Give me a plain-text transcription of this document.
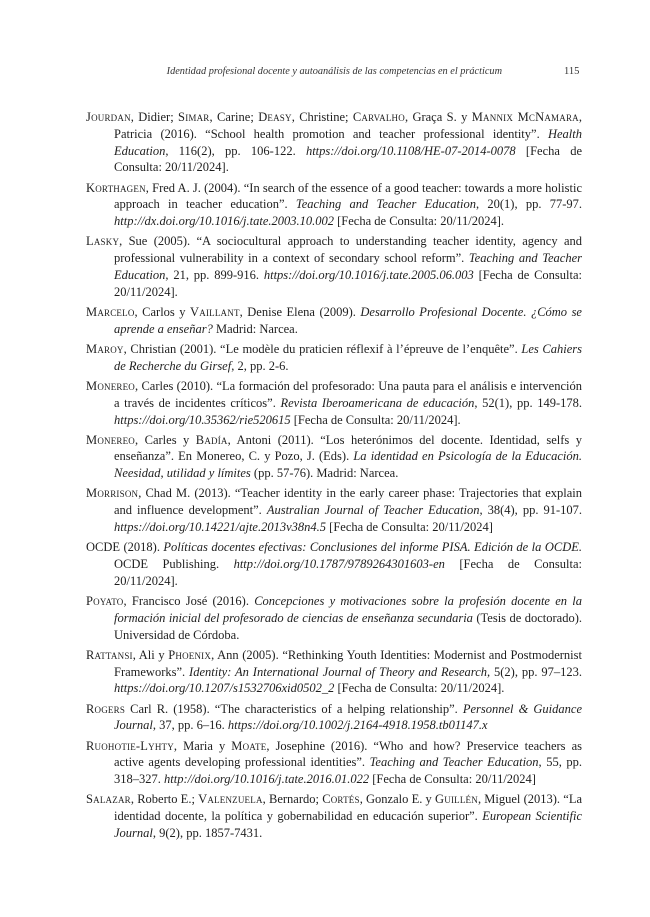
Identidad profesional docente y autoanálisis de las competencias en el prácticum	115

Jourdan, Didier; Simar, Carine; Deasy, Christine; Carvalho, Graça S. y Mannix McNamara, Patricia (2016). “School health promotion and teacher professional identity”. Health Education, 116(2), pp. 106-122. https://doi.org/10.1108/HE-07-2014-0078 [Fecha de Consulta: 20/11/2024].

Korthagen, Fred A. J. (2004). “In search of the essence of a good teacher: towards a more holistic approach in teacher education”. Teaching and Teacher Education, 20(1), pp. 77-97. http://dx.doi.org/10.1016/j.tate.2003.10.002 [Fecha de Consulta: 20/11/2024].

Lasky, Sue (2005). “A sociocultural approach to understanding teacher identity, agency and professional vulnerability in a context of secondary school reform”. Teaching and Teacher Education, 21, pp. 899-916. https://doi.org/10.1016/j.tate.2005.06.003 [Fecha de Consulta: 20/11/2024].

Marcelo, Carlos y Vaillant, Denise Elena (2009). Desarrollo Profesional Docente. ¿Cómo se aprende a enseñar? Madrid: Narcea.

Maroy, Christian (2001). “Le modèle du praticien réflexif à l’épreuve de l’enquête”. Les Cahiers de Recherche du Girsef, 2, pp. 2-6.

Monereo, Carles (2010). “La formación del profesorado: Una pauta para el análisis e intervención a través de incidentes críticos”. Revista Iberoamericana de educación, 52(1), pp. 149-178. https://doi.org/10.35362/rie520615 [Fecha de Consulta: 20/11/2024].

Monereo, Carles y Badía, Antoni (2011). “Los heterónimos del docente. Identidad, selfs y enseñanza”. En Monereo, C. y Pozo, J. (Eds). La identidad en Psicología de la Educación. Neesidad, utilidad y límites (pp. 57-76). Madrid: Narcea.

Morrison, Chad M. (2013). “Teacher identity in the early career phase: Trajectories that explain and influence development”. Australian Journal of Teacher Education, 38(4), pp. 91-107. https://doi.org/10.14221/ajte.2013v38n4.5 [Fecha de Consulta: 20/11/2024]

OCDE (2018). Políticas docentes efectivas: Conclusiones del informe PISA. Edición de la OCDE. OCDE Publishing. http://doi.org/10.1787/9789264301603-en [Fecha de Consulta: 20/11/2024].

Poyato, Francisco José (2016). Concepciones y motivaciones sobre la profesión docente en la formación inicial del profesorado de ciencias de enseñanza secundaria (Tesis de doctorado). Universidad de Córdoba.

Rattansi, Ali y Phoenix, Ann (2005). “Rethinking Youth Identities: Modernist and Postmodernist Frameworks”. Identity: An International Journal of Theory and Research, 5(2), pp. 97–123. https://doi.org/10.1207/s1532706xid0502_2 [Fecha de Consulta: 20/11/2024].

Rogers Carl R. (1958). “The characteristics of a helping relationship”. Personnel & Guidance Journal, 37, pp. 6–16. https://doi.org/10.1002/j.2164-4918.1958.tb01147.x

Ruohotie-Lyhty, Maria y Moate, Josephine (2016). “Who and how? Preservice teachers as active agents developing professional identities”. Teaching and Teacher Education, 55, pp. 318–327. http://doi.org/10.1016/j.tate.2016.01.022 [Fecha de Consulta: 20/11/2024]

Salazar, Roberto E.; Valenzuela, Bernardo; Cortés, Gonzalo E. y Guillén, Miguel (2013). “La identidad docente, la política y gobernabilidad en educación superior”. European Scientific Journal, 9(2), pp. 1857-7431.
